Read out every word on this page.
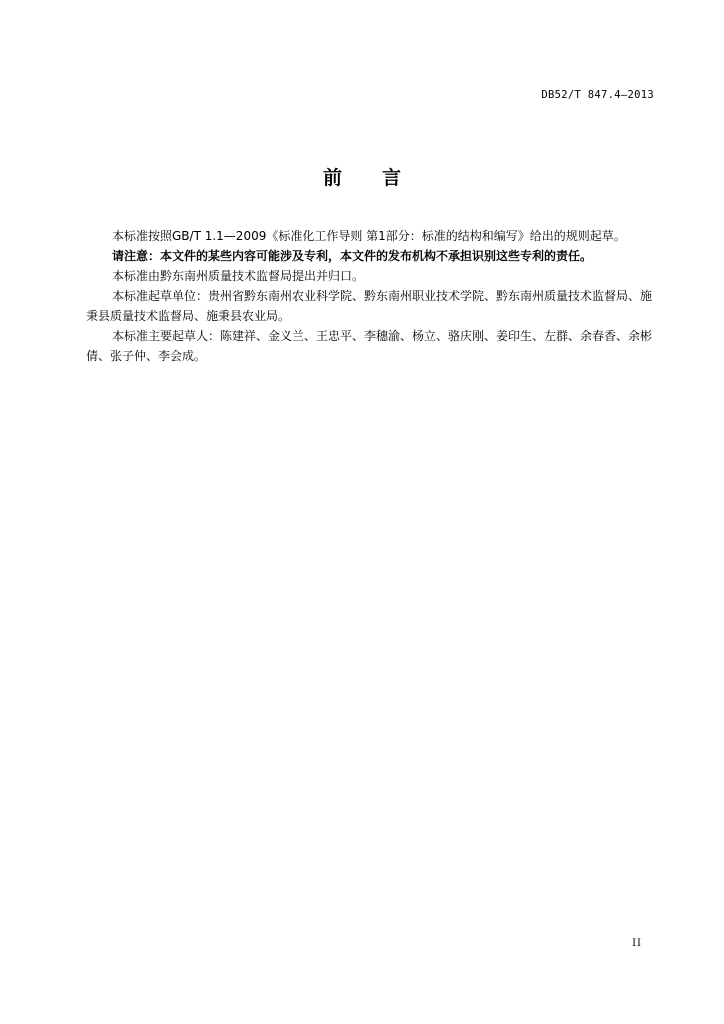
DB52/T 847.4—2013
前 言

本标准按照GB/T 1.1—2009《标准化工作导则 第1部分：标准的结构和编写》给出的规则起草。

请注意：本文件的某些内容可能涉及专利，本文件的发布机构不承担识别这些专利的责任。

本标准由黔东南州质量技术监督局提出并归口。

本标准起草单位：贵州省黔东南州农业科学院、黔东南州职业技术学院、黔东南州质量技术监督局、施秉县质量技术监督局、施秉县农业局。

本标准主要起草人：陈建祥、金义兰、王忠平、李穗渝、杨立、骆庆刚、姜印生、左群、余春香、余彬倩、张子仲、李会成。

II
